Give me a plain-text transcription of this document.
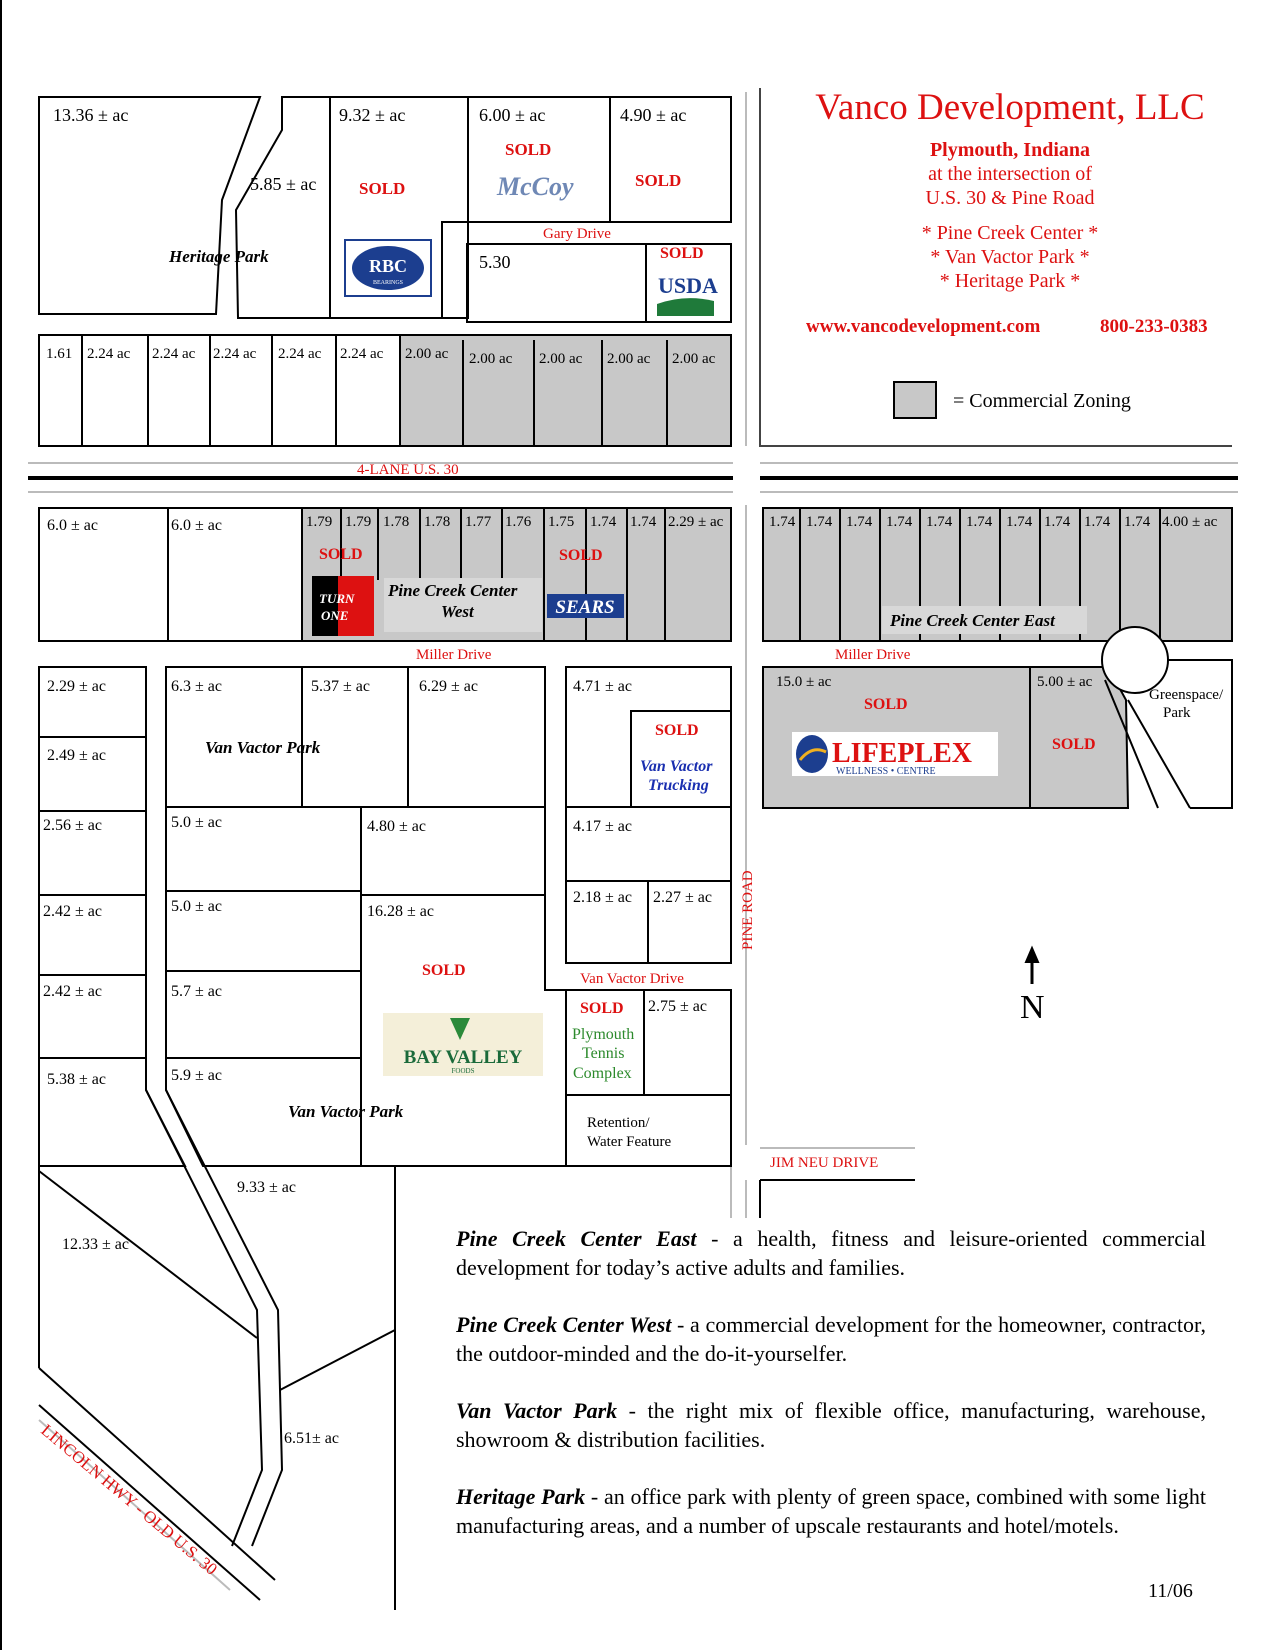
4-LANE U.S. 30
Gary Drive
Miller Drive	Miller Drive
Van Vactor Drive
JIM NEU DRIVE
PINE ROAD
LINCOLN HWY - OLD U.S. 30
13.36 ± ac
5.85 ± ac
9.32 ± ac	6.00 ± ac	4.90 ± ac
5.30
1.61 2.24 ac 2.24 ac 2.24 ac 2.24 ac 2.24 ac 2.00 ac 2.00 ac 2.00 ac 2.00 ac 2.00 ac
6.0 ± ac	6.0 ± ac	1.79 1.79 1.78 1.78 1.77 1.76 1.75 1.74 1.74 2.29 ± ac	1.74 1.74 1.74 1.74 1.74 1.74 1.74 1.74 1.74 1.74 4.00 ± ac
15.0 ± ac	5.00 ± ac
2.29 ± ac
2.49 ± ac
2.56 ± ac
2.42 ± ac
2.42 ± ac
5.38 ± ac
6.3 ± ac	5.37 ± ac	6.29 ± ac
5.0 ± ac	4.80 ± ac
5.0 ± ac	16.28 ± ac
5.7 ± ac
5.9 ± ac
4.71 ± ac
4.17 ± ac
2.18 ± ac 2.27 ± ac
2.75 ± ac
9.33 ± ac
12.33 ± ac
6.51± ac
SOLD
SOLD
SOLD
SOLD
SOLD	SOLD
SOLD
SOLD
SOLD
SOLD
SOLD
Heritage Park
Van Vactor Park
Van Vactor Park
Pine Creek Center
West	Pine Creek Center East
Greenspace/
Park
Retention/
Water Feature
Plymouth
Tennis
Complex
Van Vactor
Trucking
RBC
BEARINGS
McCoy
USDA
TURN
ONE	SEARS
LIFEPLEX
WELLNESS • CENTRE
BAY VALLEY
FOODS
N
Vanco Development, LLC
Plymouth, Indiana
at the intersection of
U.S. 30 & Pine Road
* Pine Creek Center *
* Van Vactor Park *
* Heritage Park *
www.vancodevelopment.com	800-233-0383
= Commercial Zoning

Pine Creek Center East - a health, fitness and leisure-oriented commercial development for today’s active adults and families.

Pine Creek Center West - a commercial development for the homeowner, contractor, the outdoor-minded and the do-it-yourselfer.

Van Vactor Park - the right mix of flexible office, manufacturing, warehouse, showroom & distribution facilities.

Heritage Park - an office park with plenty of green space, combined with some light manufacturing areas, and a number of upscale restaurants and hotel/motels.

11/06
